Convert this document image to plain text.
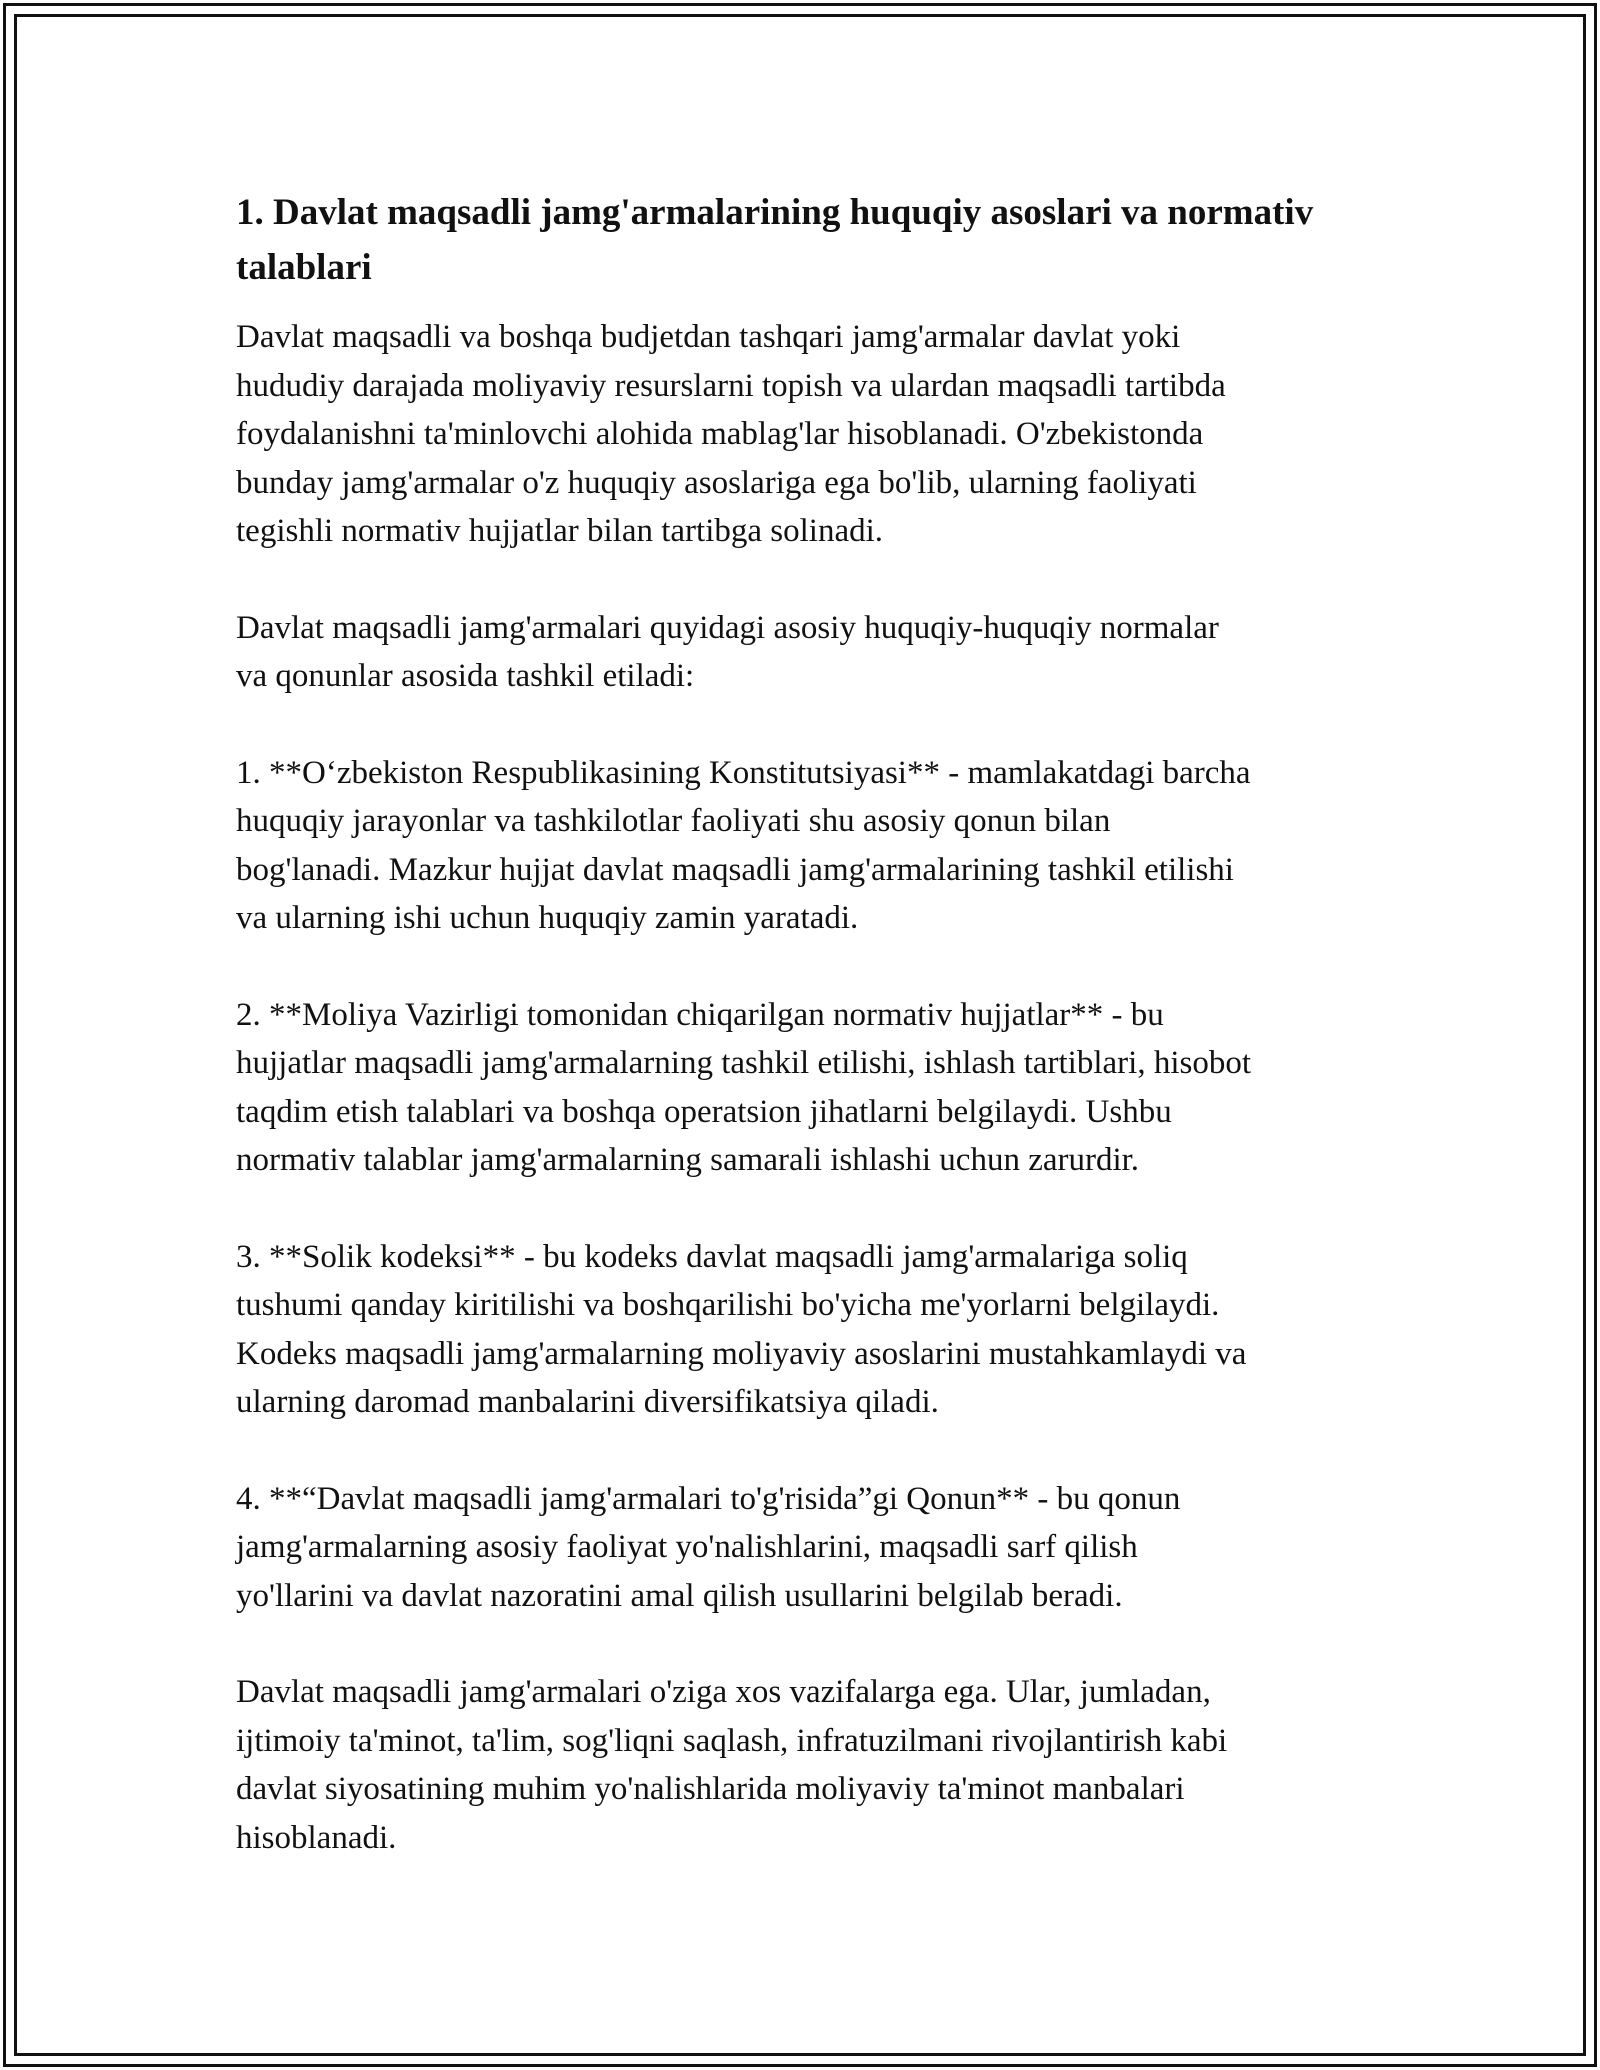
1. Davlat maqsadli jamg'armalarining huquqiy asoslari va normativ talablari

Davlat maqsadli va boshqa budjetdan tashqari jamg'armalar davlat yoki
hududiy darajada moliyaviy resurslarni topish va ulardan maqsadli tartibda
foydalanishni ta'minlovchi alohida mablag'lar hisoblanadi. O'zbekistonda
bunday jamg'armalar o'z huquqiy asoslariga ega bo'lib, ularning faoliyati
tegishli normativ hujjatlar bilan tartibga solinadi.

Davlat maqsadli jamg'armalari quyidagi asosiy huquqiy-huquqiy normalar
va qonunlar asosida tashkil etiladi:

1. **O‘zbekiston Respublikasining Konstitutsiyasi** - mamlakatdagi barcha
huquqiy jarayonlar va tashkilotlar faoliyati shu asosiy qonun bilan
bog'lanadi. Mazkur hujjat davlat maqsadli jamg'armalarining tashkil etilishi
va ularning ishi uchun huquqiy zamin yaratadi.

2. **Moliya Vazirligi tomonidan chiqarilgan normativ hujjatlar** - bu
hujjatlar maqsadli jamg'armalarning tashkil etilishi, ishlash tartiblari, hisobot
taqdim etish talablari va boshqa operatsion jihatlarni belgilaydi. Ushbu
normativ talablar jamg'armalarning samarali ishlashi uchun zarurdir.

3. **Solik kodeksi** - bu kodeks davlat maqsadli jamg'armalariga soliq
tushumi qanday kiritilishi va boshqarilishi bo'yicha me'yorlarni belgilaydi.
Kodeks maqsadli jamg'armalarning moliyaviy asoslarini mustahkamlaydi va
ularning daromad manbalarini diversifikatsiya qiladi.

4. **“Davlat maqsadli jamg'armalari to'g'risida”gi Qonun** - bu qonun
jamg'armalarning asosiy faoliyat yo'nalishlarini, maqsadli sarf qilish
yo'llarini va davlat nazoratini amal qilish usullarini belgilab beradi.

Davlat maqsadli jamg'armalari o'ziga xos vazifalarga ega. Ular, jumladan,
ijtimoiy ta'minot, ta'lim, sog'liqni saqlash, infratuzilmani rivojlantirish kabi
davlat siyosatining muhim yo'nalishlarida moliyaviy ta'minot manbalari
hisoblanadi.
